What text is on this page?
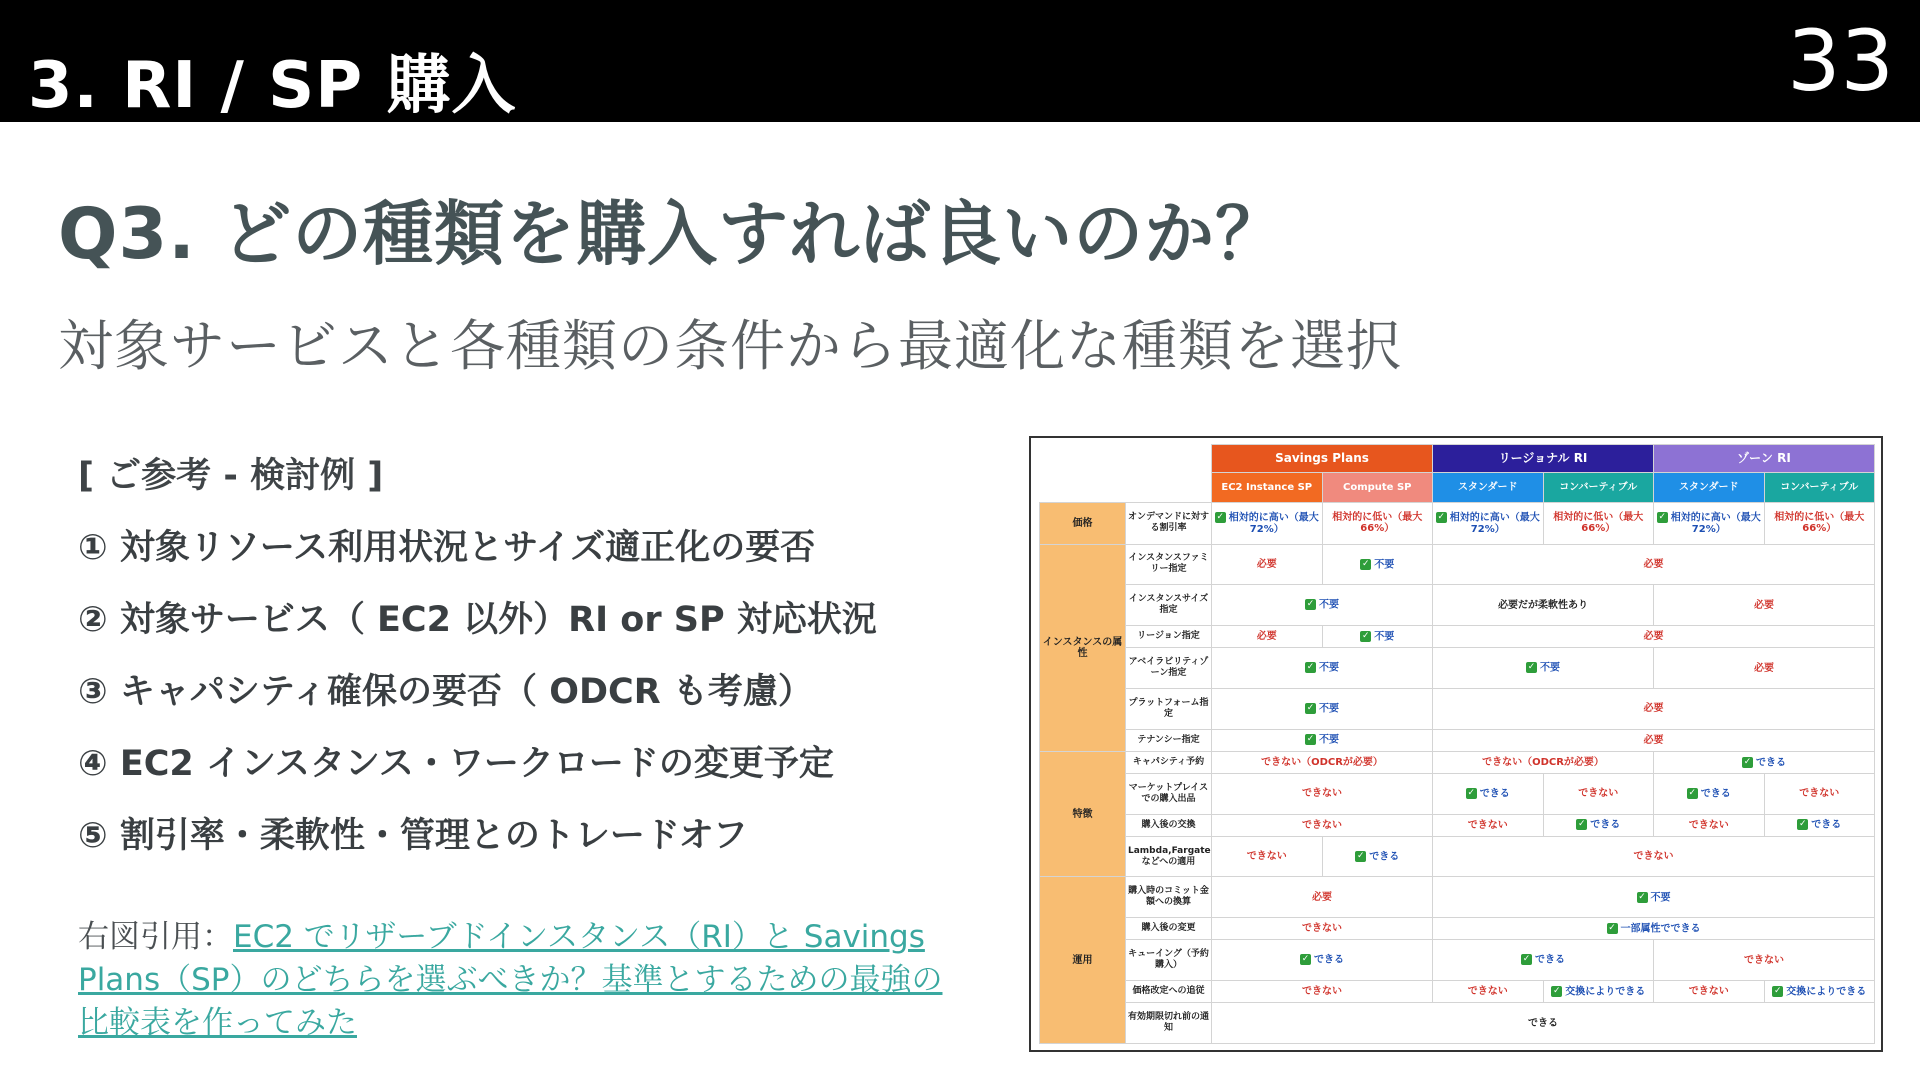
3. RI / SP 購入	33
Q3. どの種類を購入すれば良いのか？
対象サービスと各種類の条件から最適化な種類を選択
[ ご参考 - 検討例 ]
① 対象リソース利用状況とサイズ適正化の要否
② 対象サービス（ EC2 以外）RI or SP 対応状況
③ キャパシティ確保の要否（ ODCR も考慮）
④ EC2 インスタンス・ワークロードの変更予定
⑤ 割引率・柔軟性・管理とのトレードオフ
右図引用：EC2 でリザーブドインスタンス（RI）と Savings Plans（SP）のどちらを選ぶべきか？基準とするための最強の比較表を作ってみた
		Savings Plans		リージョナル RI		ゾーン RI	
		EC2 Instance SP	Compute SP	スタンダード	コンバーティブル	スタンダード	コンバーティブル
価格	オンデマンドに対する割引率	✓ 相対的に高い（最大72%）	相対的に低い（最大66%）	✓ 相対的に高い（最大72%）	相対的に低い（最大66%）	✓ 相対的に高い（最大72%）	相対的に低い（最大66%）
インスタンスの属性	インスタンスファミリー指定	必要	✓ 不要	必要			
	インスタンスサイズ指定	✓ 不要		必要だが柔軟性あり		必要	
	リージョン指定	必要	✓ 不要	必要			
	アベイラビリティゾーン指定	✓ 不要		✓ 不要		必要	
	プラットフォーム指定	✓ 不要		必要			
	テナンシー指定	✓ 不要		必要			
特徴	キャパシティ予約	できない（ODCRが必要）		できない（ODCRが必要）		✓ できる	
	マーケットプレイスでの購入出品	できない		✓ できる	できない	✓ できる	できない
	購入後の交換	できない		できない	✓ できる	できない	✓ できる
	Lambda,Fargateなどへの適用	できない	✓ できる	できない			
運用	購入時のコミット金額への換算	必要		✓ 不要			
	購入後の変更	できない		✓ 一部属性でできる			
	キューイング（予約購入）	✓ できる		✓ できる		できない	
	価格改定への追従	できない		できない	✓ 交換によりできる	できない	✓ 交換によりできる
	有効期限切れ前の通知	できる					
